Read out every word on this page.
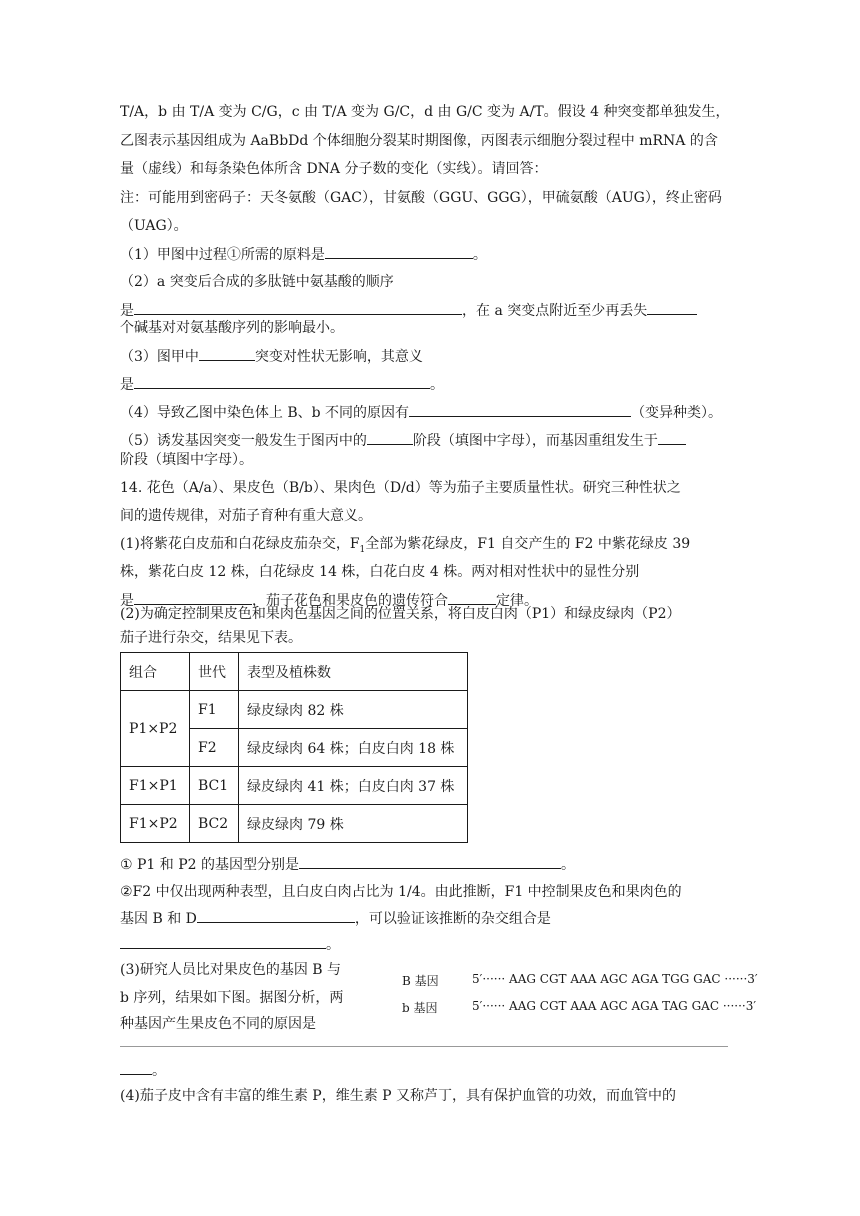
T/A，b 由 T/A 变为 C/G，c 由 T/A 变为 G/C，d 由 G/C 变为 A/T。假设 4 种突变都单独发生，
乙图表示基因组成为 AaBbDd 个体细胞分裂某时期图像，丙图表示细胞分裂过程中 mRNA 的含
量（虚线）和每条染色体所含 DNA 分子数的变化（实线）。请回答：
注：可能用到密码子：天冬氨酸（GAC），甘氨酸（GGU、GGG），甲硫氨酸（AUG），终止密码
（UAG）。
（1）甲图中过程①所需的原料是	。
（2）a 突变后合成的多肽链中氨基酸的顺序
是	，在 a 突变点附近至少再丢失
个碱基对对氨基酸序列的影响最小。
（3）图甲中	突变对性状无影响，其意义
是	。
（4）导致乙图中染色体上 B、b 不同的原因有	（变异种类）。
（5）诱发基因突变一般发生于图丙中的	阶段（填图中字母），而基因重组发生于
阶段（填图中字母）。
14. 花色（A/a）、果皮色（B/b）、果肉色（D/d）等为茄子主要质量性状。研究三种性状之
间的遗传规律，对茄子育种有重大意义。
(1)将紫花白皮茄和白花绿皮茄杂交，$F_1$全部为紫花绿皮，F1 自交产生的 F2 中紫花绿皮 39
株，紫花白皮 12 株，白花绿皮 14 株，白花白皮 4 株。两对相对性状中的显性分别
是	，茄子花色和果皮色的遗传符合	定律。
(2)为确定控制果皮色和果肉色基因之间的位置关系，将白皮白肉（P1）和绿皮绿肉（P2）
茄子进行杂交，结果见下表。
组合	世代	表型及植株数
P1×P2	F1	绿皮绿肉 82 株
	F2	绿皮绿肉 64 株；白皮白肉 18 株
F1×P1	BC1	绿皮绿肉 41 株；白皮白肉 37 株
F1×P2	BC2	绿皮绿肉 79 株
① P1 和 P2 的基因型分别是	。
②F2 中仅出现两种表型，且白皮白肉占比为 1/4。由此推断，F1 中控制果皮色和果肉色的
基因 B 和 D	，可以验证该推断的杂交组合是
。
(3)研究人员比对果皮色的基因 B 与
b 序列，结果如下图。据图分析，两
种基因产生果皮色不同的原因是
B 基因	5′······ AAG CGT AAA AGC AGA TGG GAC ······3′
b 基因	5′······ AAG CGT AAA AGC AGA TAG GAC ······3′
。
(4)茄子皮中含有丰富的维生素 P，维生素 P 又称芦丁，具有保护血管的功效，而血管中的
